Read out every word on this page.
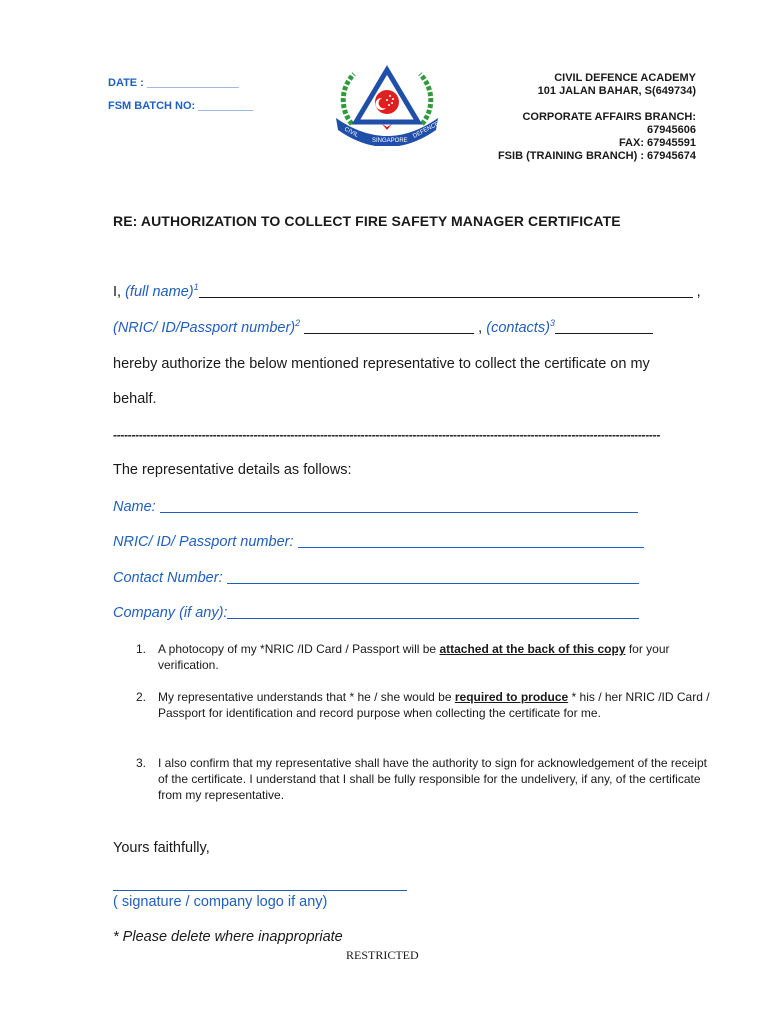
DATE : _______________
FSM BATCH NO: _________
CIVIL
SINGAPORE
DEFENCE
CIVIL DEFENCE ACADEMY
101 JALAN BAHAR, S(649734)
CORPORATE AFFAIRS BRANCH:
67945606
FAX: 67945591
FSIB (TRAINING BRANCH) : 67945674
RE: AUTHORIZATION TO COLLECT FIRE SAFETY MANAGER CERTIFICATE
I, (full name)$^1$	,
(NRIC/ ID/Passport number)$^2$	, (contacts)$^3$
hereby authorize the below mentioned representative to collect the certificate on my
behalf.
----------------------------------------------------------------------------------------------------------------------------------------------------
The representative details as follows:
Name:
NRIC/ ID/ Passport number:
Contact Number:
Company (if any):
1. A photocopy of my *NRIC /ID Card / Passport will be attached at the back of this copy for your verification.
2. My representative understands that * he / she would be required to produce * his / her NRIC /ID Card / Passport for identification and record purpose when collecting the certificate for me.
3. I also confirm that my representative shall have the authority to sign for acknowledgement of the receipt of the certificate. I understand that I shall be fully responsible for the undelivery, if any, of the certificate from my representative.
Yours faithfully,
( signature / company logo if any)
* Please delete where inappropriate
RESTRICTED
